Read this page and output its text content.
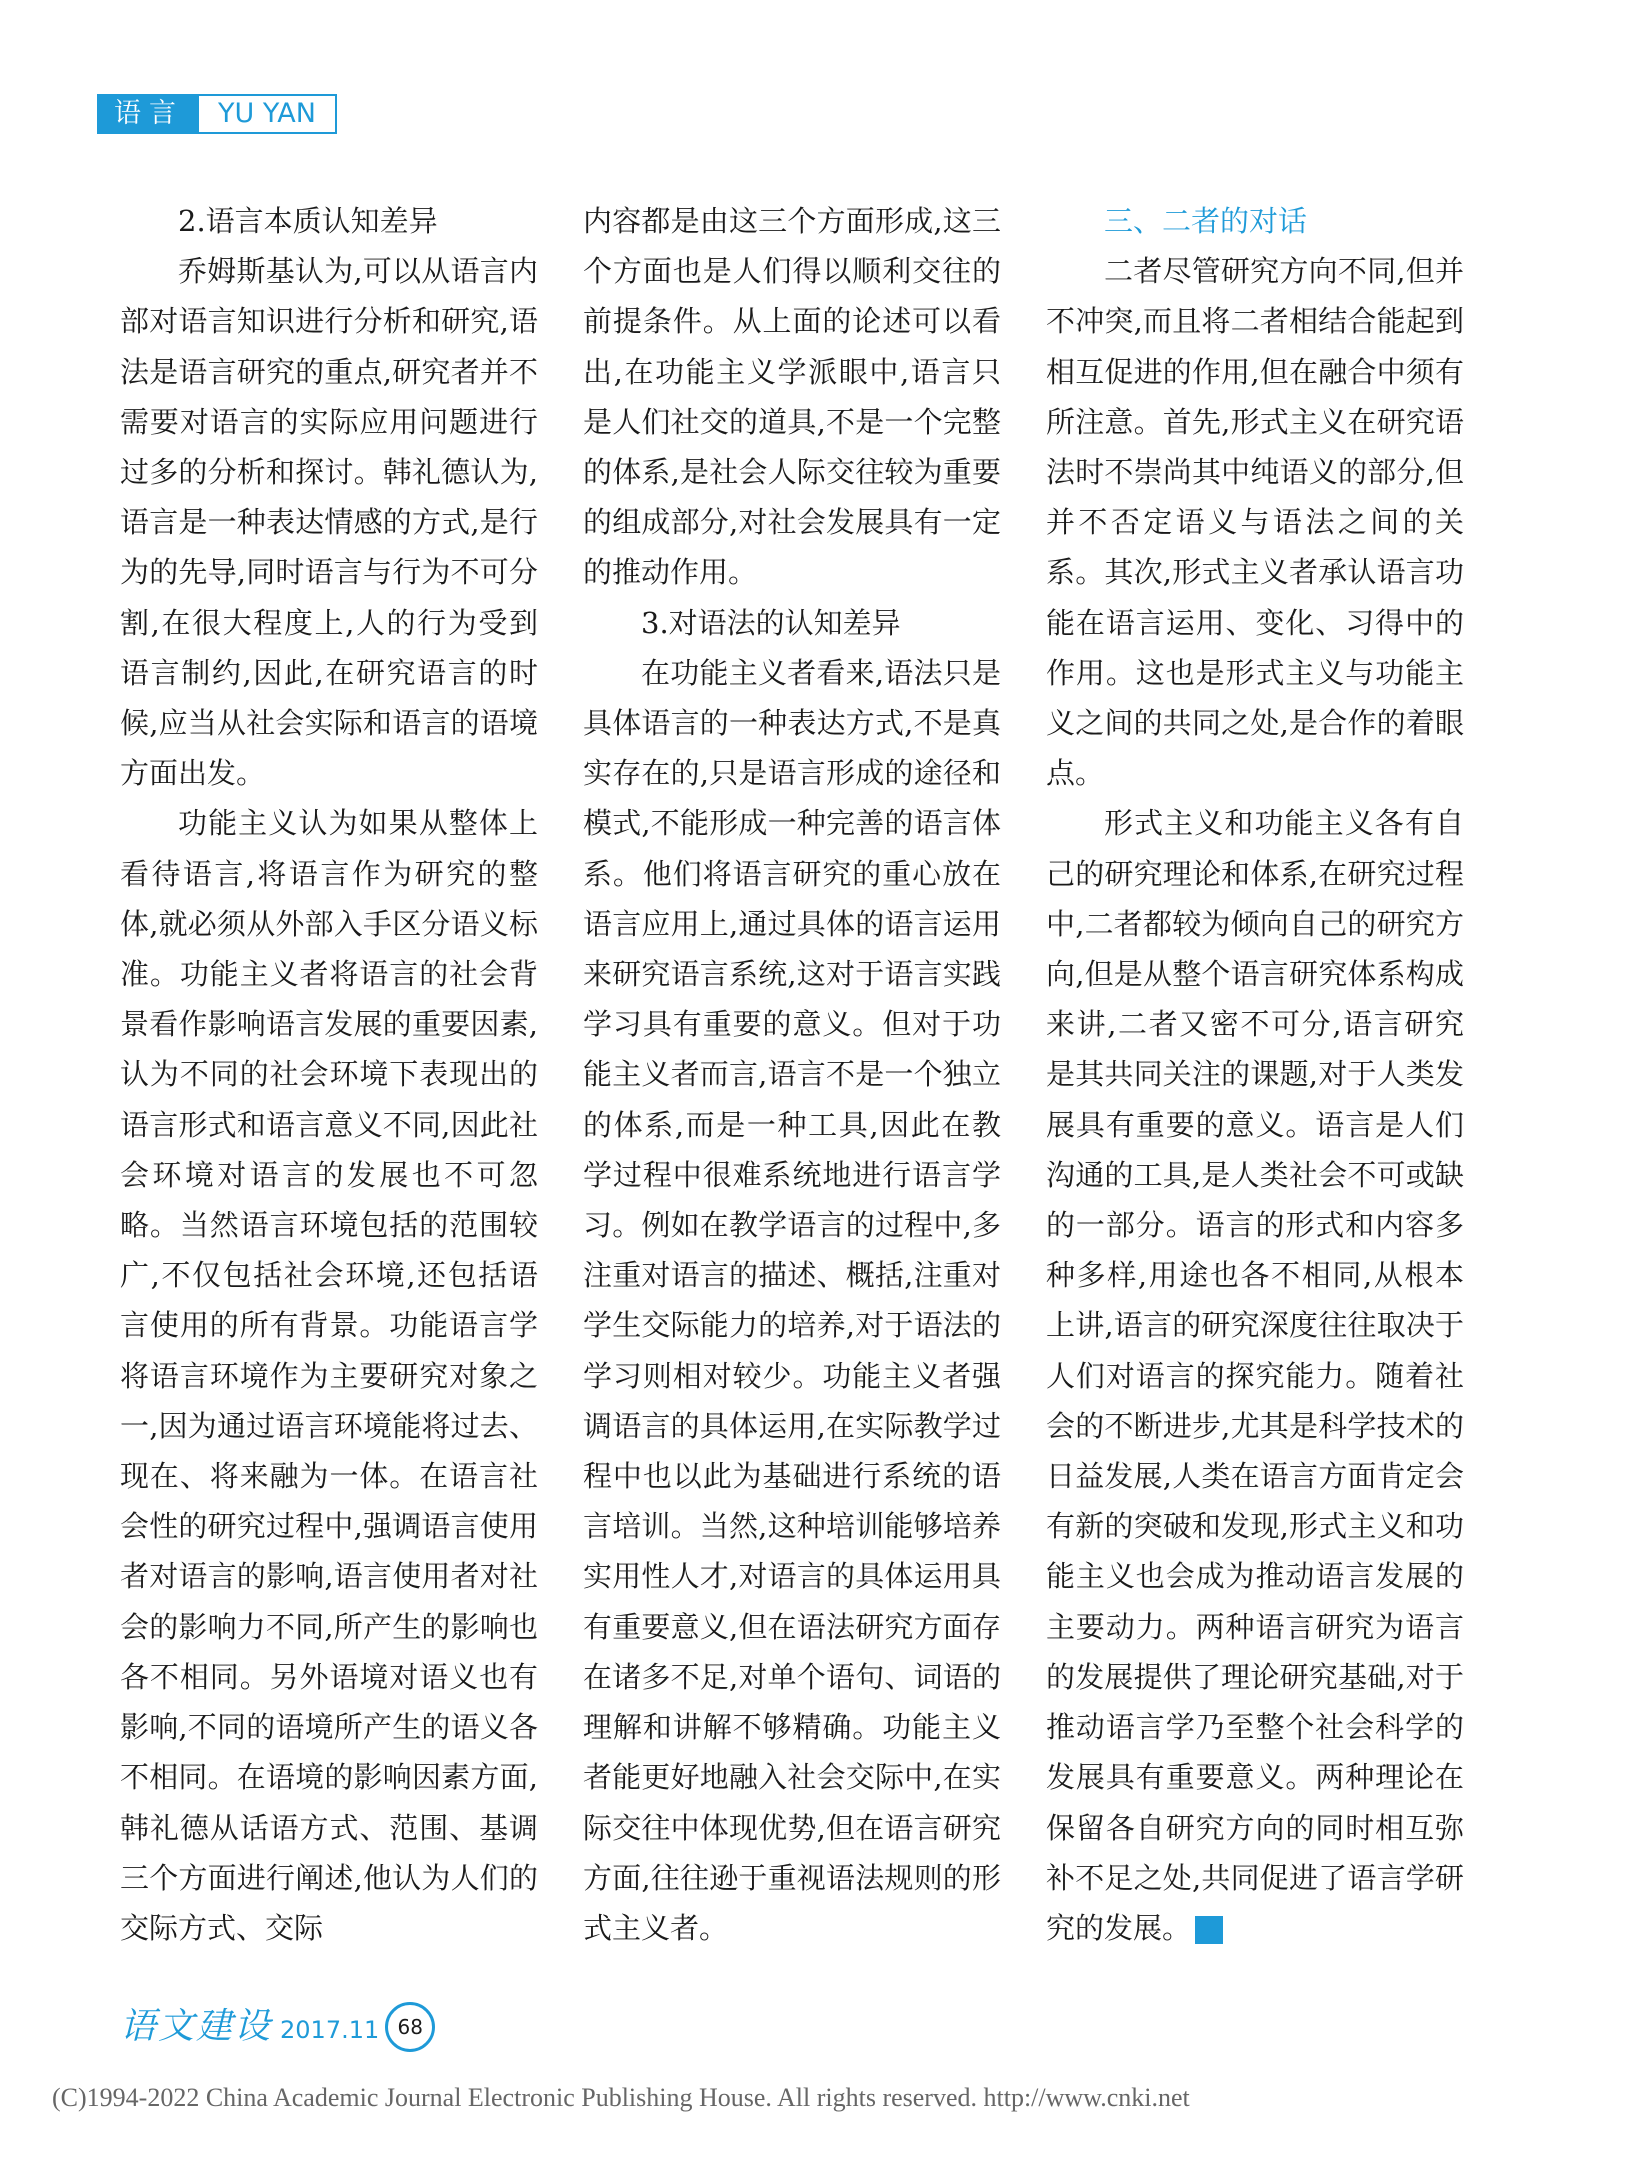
语言	YU YAN
2.语言本质认知差异

乔姆斯基认为,可以从语言内部对语言知识进行分析和研究,语法是语言研究的重点,研究者并不需要对语言的实际应用问题进行过多的分析和探讨。韩礼德认为,语言是一种表达情感的方式,是行为的先导,同时语言与行为不可分割,在很大程度上,人的行为受到语言制约,因此,在研究语言的时候,应当从社会实际和语言的语境方面出发。

功能主义认为如果从整体上看待语言,将语言作为研究的整体,就必须从外部入手区分语义标准。功能主义者将语言的社会背景看作影响语言发展的重要因素,认为不同的社会环境下表现出的语言形式和语言意义不同,因此社会环境对语言的发展也不可忽略。当然语言环境包括的范围较广,不仅包括社会环境,还包括语言使用的所有背景。功能语言学将语言环境作为主要研究对象之一,因为通过语言环境能将过去、现在、将来融为一体。在语言社会性的研究过程中,强调语言使用者对语言的影响,语言使用者对社会的影响力不同,所产生的影响也各不相同。另外语境对语义也有影响,不同的语境所产生的语义各不相同。在语境的影响因素方面,韩礼德从话语方式、范围、基调三个方面进行阐述,他认为人们的交际方式、交际

内容都是由这三个方面形成,这三个方面也是人们得以顺利交往的前提条件。从上面的论述可以看出,在功能主义学派眼中,语言只是人们社交的道具,不是一个完整的体系,是社会人际交往较为重要的组成部分,对社会发展具有一定的推动作用。

3.对语法的认知差异

在功能主义者看来,语法只是具体语言的一种表达方式,不是真实存在的,只是语言形成的途径和模式,不能形成一种完善的语言体系。他们将语言研究的重心放在语言应用上,通过具体的语言运用来研究语言系统,这对于语言实践学习具有重要的意义。但对于功能主义者而言,语言不是一个独立的体系,而是一种工具,因此在教学过程中很难系统地进行语言学习。例如在教学语言的过程中,多注重对语言的描述、概括,注重对学生交际能力的培养,对于语法的学习则相对较少。功能主义者强调语言的具体运用,在实际教学过程中也以此为基础进行系统的语言培训。当然,这种培训能够培养实用性人才,对语言的具体运用具有重要意义,但在语法研究方面存在诸多不足,对单个语句、词语的理解和讲解不够精确。功能主义者能更好地融入社会交际中,在实际交往中体现优势,但在语言研究方面,往往逊于重视语法规则的形式主义者。

三、二者的对话

二者尽管研究方向不同,但并不冲突,而且将二者相结合能起到相互促进的作用,但在融合中须有所注意。首先,形式主义在研究语法时不崇尚其中纯语义的部分,但并不否定语义与语法之间的关系。其次,形式主义者承认语言功能在语言运用、变化、习得中的作用。这也是形式主义与功能主义之间的共同之处,是合作的着眼点。

形式主义和功能主义各有自己的研究理论和体系,在研究过程中,二者都较为倾向自己的研究方向,但是从整个语言研究体系构成来讲,二者又密不可分,语言研究是其共同关注的课题,对于人类发展具有重要的意义。语言是人们沟通的工具,是人类社会不可或缺的一部分。语言的形式和内容多种多样,用途也各不相同,从根本上讲,语言的研究深度往往取决于人们对语言的探究能力。随着社会的不断进步,尤其是科学技术的日益发展,人类在语言方面肯定会有新的突破和发现,形式主义和功能主义也会成为推动语言发展的主要动力。两种语言研究为语言的发展提供了理论研究基础,对于推动语言学乃至整个社会科学的发展具有重要意义。两种理论在保留各自研究方向的同时相互弥补不足之处,共同促进了语言学研究的发展。	语

语文建设 2017.11 68
(C)1994-2022 China Academic Journal Electronic Publishing House. All rights reserved. http://www.cnki.net
